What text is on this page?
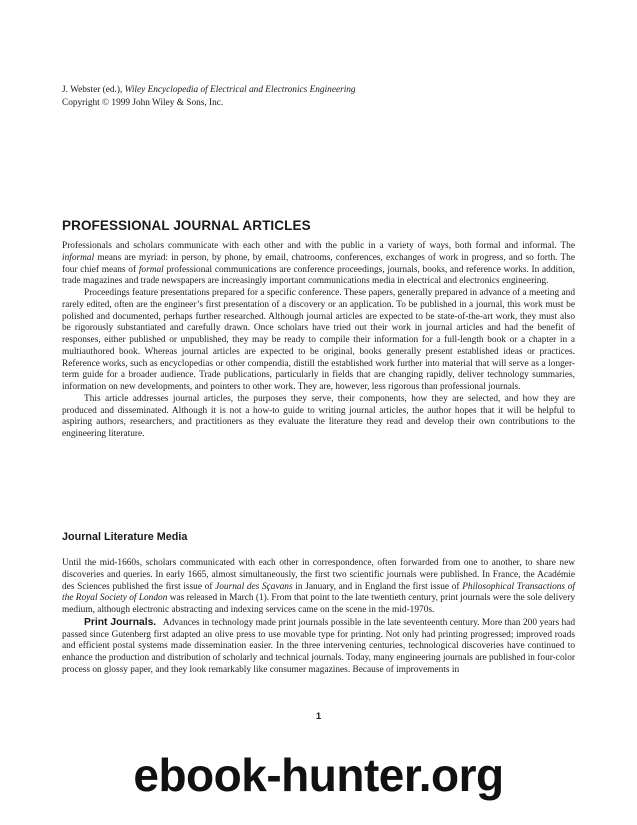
J. Webster (ed.), Wiley Encyclopedia of Electrical and Electronics Engineering
Copyright © 1999 John Wiley & Sons, Inc.
PROFESSIONAL JOURNAL ARTICLES

Professionals and scholars communicate with each other and with the public in a variety of ways, both formal and informal. The informal means are myriad: in person, by phone, by email, chatrooms, conferences, exchanges of work in progress, and so forth. The four chief means of formal professional communications are conference proceedings, journals, books, and reference works. In addition, trade magazines and trade newspapers are increasingly important communications media in electrical and electronics engineering.

Proceedings feature presentations prepared for a specific conference. These papers, generally prepared in advance of a meeting and rarely edited, often are the engineer’s first presentation of a discovery or an application. To be published in a journal, this work must be polished and documented, perhaps further researched. Although journal articles are expected to be state-of-the-art work, they must also be rigorously substantiated and carefully drawn. Once scholars have tried out their work in journal articles and had the benefit of responses, either published or unpublished, they may be ready to compile their information for a full-length book or a chapter in a multiauthored book. Whereas journal articles are expected to be original, books generally present established ideas or practices. Reference works, such as encyclopedias or other compendia, distill the established work further into material that will serve as a longer-term guide for a broader audience. Trade publications, particularly in fields that are changing rapidly, deliver technology summaries, information on new developments, and pointers to other work. They are, however, less rigorous than professional journals.

This article addresses journal articles, the purposes they serve, their components, how they are selected, and how they are produced and disseminated. Although it is not a how-to guide to writing journal articles, the author hopes that it will be helpful to aspiring authors, researchers, and practitioners as they evaluate the literature they read and develop their own contributions to the engineering literature.

Journal Literature Media

Until the mid-1660s, scholars communicated with each other in correspondence, often forwarded from one to another, to share new discoveries and queries. In early 1665, almost simultaneously, the first two scientific journals were published. In France, the Académie des Sciences published the first issue of Journal des Sçavans in January, and in England the first issue of Philosophical Transactions of the Royal Society of London was released in March (1). From that point to the late twentieth century, print journals were the sole delivery medium, although electronic abstracting and indexing services came on the scene in the mid-1970s.

Print Journals.   Advances in technology made print journals possible in the late seventeenth century. More than 200 years had passed since Gutenberg first adapted an olive press to use movable type for printing. Not only had printing progressed; improved roads and efficient postal systems made dissemination easier. In the three intervening centuries, technological discoveries have continued to enhance the production and distribution of scholarly and technical journals. Today, many engineering journals are published in four-color process on glossy paper, and they look remarkably like consumer magazines. Because of improvements in

1
ebook-hunter.org
